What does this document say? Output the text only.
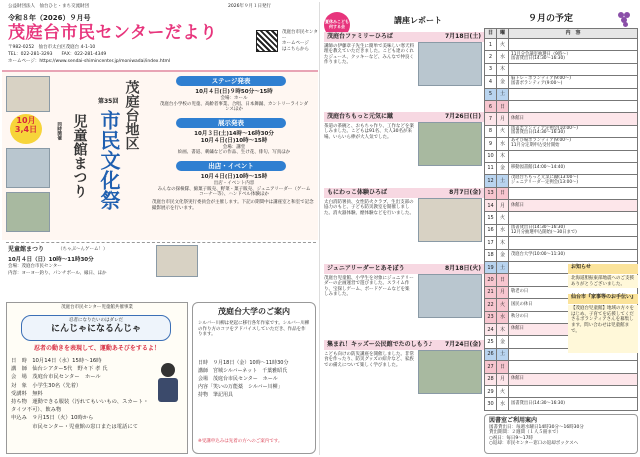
公益財団法人　仙台ひと・まち交流財団	2026年９月１日発行
令和８年（2026）９月号
茂庭台市民センターだより
〒982-0252　仙台市太白区茂庭台 4-1-10
TEL：022-281-3293　　FAX：022-281-4349
ホームページ：https://www.sendai-shimincenter.jp/moniwadai/index.html
茂庭台市民センター
ホームページ
はこちらから
10月
3,4日	同時開催
第35回 茂庭台地区
市民文化祭
児童館まつり
ステージ発表
10月４日(日)９時50分～15時
会場：ホール
茂庭台小学校の児童、高齢者事業、合唱、日本舞踊、カントリーラインダンスほか
展示発表
10月３日(土)14時～16時30分
10月４日(日)10時～15時
会場：講堂
絵画、書道、刺繍などの作品、生け花、俳句、写真ほか
出店・イベント
10月４日(日)10時～15時
出店・イベント内容
みんなの探検隊、綿菓子販売、野菜・菓子販売、ジュニアリーダー（ゲームコーナー等）、ハンドベル体験ほか
茂庭台市民文化祭実行委員会が主催します。下記の期間中は講座室と和室で記念撮影展示を行います。
児童館まつり	（ちゃぶ～んゲーム！）
10月４日（日）10時～11時30分
会場：茂庭台市民センター
内容：ヨーヨー釣り、パンチボール、縁日、ほか
茂庭台市民センター児童館共催事業
忍者になりたいのはダレだ
にんじゃになるんじゃ
忍者の動きを表現して、運動あそびをするよ！
日　時　10月14日（水）15時～16時
講　師　仙台シアター5代　野々下 孝 氏
会　場　茂庭台市民センター　ホール
対　象　小学生30名（先着）
受講料　無料
持ち物　運動できる服装（汚れてもいいもの、スカート・タイツ不可）、飲み物
申込み　９月15日（火）10時から
　　　　市民センター・児童館の窓口または電話にて
茂庭台大学のご案内
シルバー川柳は発起に移行各年作家です。シルバー川柳の作り方のコツをアドバイスしていただき、作品を作ります。
日時　９月18日（金）10時～11時30分
講師　宮城シルバーネット　千葉雅昭氏
会場　茂庭台市民センター　ホール
内容「笑いの万能薬　シルバー川柳」
持物　筆記用具
※受講申込みは先着の方へのご案内です。
夏休みこども何する会
講座レポート
茂庭台ファミリーひろば	7月18日(土)
講師の伊藤章子先生に簡単で美味しい寒天料理を教えていただきました。こども達のくれたジュース、クッキーなど、みんなで仲良く作りました。
茂庭台ちもっと元気に蹴	7月26日(日)
茶道の茶碗と、おもちゃ作り、工作などを楽しみました。こどもは91名、大人30名が来場。いらいら棒が大人気でした。
もにわっこ体験ひろば	8月7日(金)
太白消防署員、女性防火クラブ、生出支部の協力のもと、子ども防災教室を開催しました。消火器体験、煙体験などを行いました。
ジュニアリーダーとあそぼう	8月18日(火)
茂庭台児童館、小学生を対象にジュニアリーダーの企画運営で遊びました。スライム作り、宝探しゲーム、ボードゲームなどを楽しみました。
集まれ！キッズー公民館でたのしもう♪ 7月24日(金)
こども向けの防災講座を開催しました。非常食を作ったり、防災グッズの紹介など、家族での備えについて楽しく学びました。
９月の予定
日	曜	内　容
1	火	
2	水	11月分会議室抽選日（9時～）
図書貸出日(14:30～16:30)
3	木	
4	金	脳トレ・ボランティア(9:00～)
図書ボランティア(9:00～)
5	土	
6	日	
7	月	休館日
8	火	図書ボランティア定例会(10:00～)
図書貸出日(14:30～16:30)
9	水	あそび場ボランティア(9:00～)
11月分定期申込受付開始
10	木	
11	金	移動図書館(14:00～14:40)
12	土	茂庭台ちもっと元気に蹴(13:00～)
ジュニアリーダー定例会(13:00～)
13	日	
14	月	休館日
15	火	
16	水	図書貸出日(14:30～16:30)
12月分抽選申込開始(～30日まで)
17	木	
18	金	茂庭台大学(10:00～11:30)
19	土	
20	日	
21	月	敬老の日
22	火	国民の休日
23	水	秋分の日
24	木	休館日
25	金	
26	土	
27	日	
28	月	休館日
29	火	
30	水	図書貸出日(14:30～16:30)
お知らせ
北海道胆振東部地震へのご支援ありがとうございました。
仙台市『家事等のお手伝い』
【茂庭台児童館】地域の方々をはじめ、子育てを応援してくださるボランティアさんを募集します。問い合わせは児童館まで。
図書室ご利用案内
図書貸出日：毎週水曜日14時30分～16時30分
貸出期間：２週間（１人５冊まで）
○祝日：毎日9～17時
○返却：市民センター窓口の返却ボックスへ
